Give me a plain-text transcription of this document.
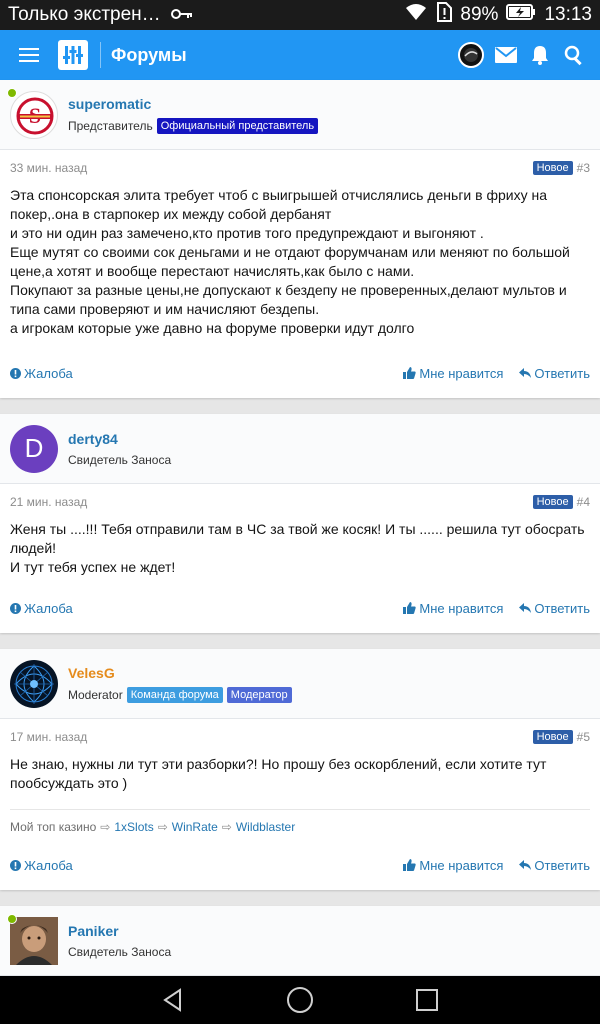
Только экстрен…	89% 13:13
Форумы
superomatic
Представитель Официальный представитель
33 мин. назад	Новое #3

Эта спонсорская элита требует чтоб с выигрышей отчислялись деньги в фриху на покер,.она в старпокер их между собой дербанят

и это ни один раз замечено,кто против того предупреждают и выгоняют .

Еще мутят со своими сок деньгами и не отдают форумчанам или меняют по большой цене,а хотят и вообще перестают начислять,как было с нами.

Покупают за разные цены,не допускают к бездепу не проверенных,делают мультов и типа сами проверяют и им начисляют бездепы.

а игрокам которые уже давно на форуме проверки идут долго

Жалоба	Мне нравится Ответить
D derty84
Свидетель Заноса
21 мин. назад	Новое #4

Женя ты ....!!! Тебя отправили там в ЧС за твой же косяк! И ты ...... решила тут обосрать людей!

И тут тебя успех не ждет!

Жалоба	Мне нравится Ответить
VelesG
Moderator Команда форума	Модератор
17 мин. назад	Новое #5

Не знаю, нужны ли тут эти разборки?! Но прошу без оскорблений, если хотите тут пообсуждать это )

Мой топ казино ⇨ 1xSlots ⇨ WinRate ⇨ Wildblaster
Жалоба	Мне нравится Ответить
Paniker
Свидетель Заноса
